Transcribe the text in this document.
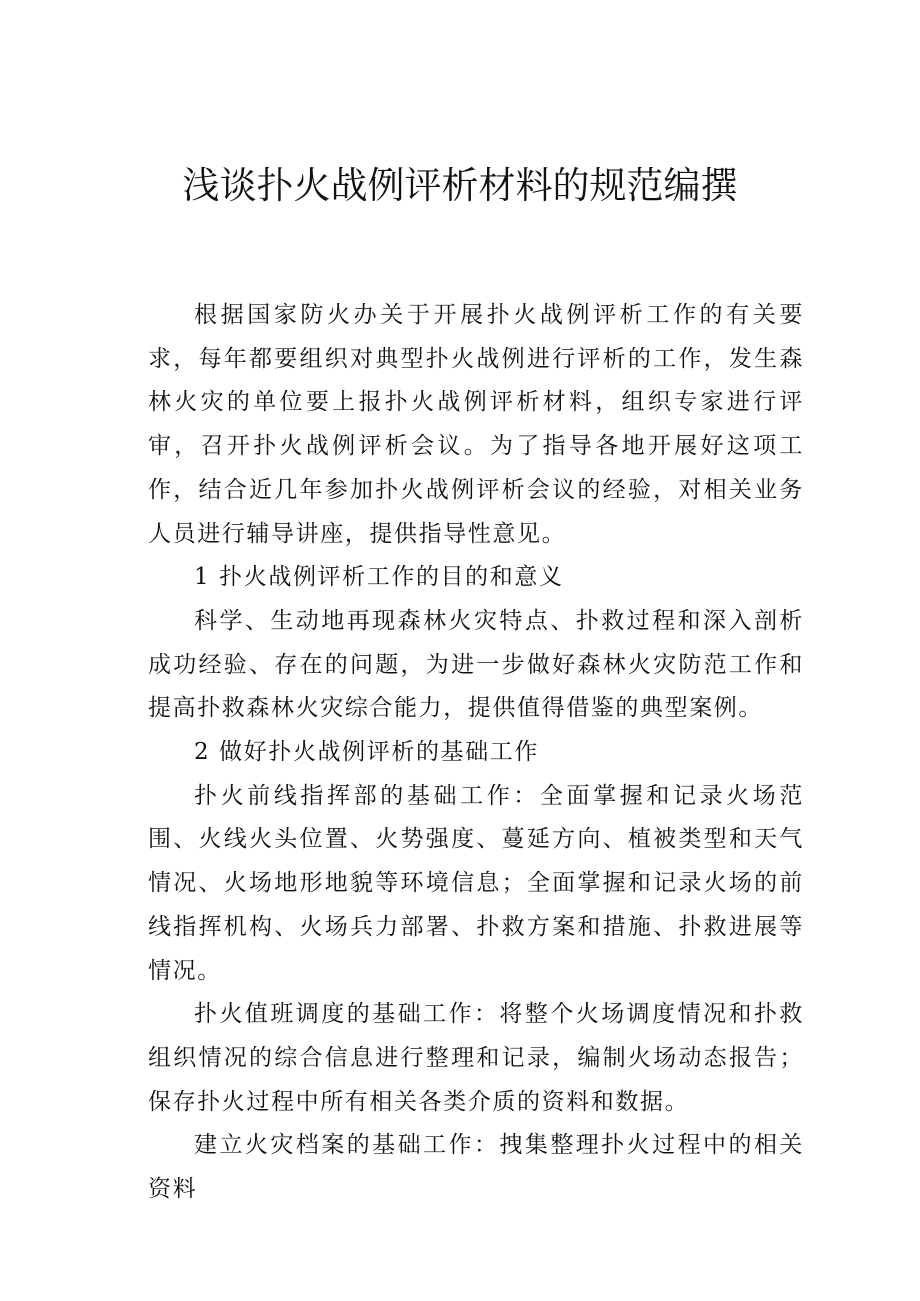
浅谈扑火战例评析材料的规范编撰

根据国家防火办关于开展扑火战例评析工作的有关要求，每年都要组织对典型扑火战例进行评析的工作，发生森林火灾的单位要上报扑火战例评析材料，组织专家进行评审，召开扑火战例评析会议。为了指导各地开展好这项工作，结合近几年参加扑火战例评析会议的经验，对相关业务人员进行辅导讲座，提供指导性意见。

1 扑火战例评析工作的目的和意义

科学、生动地再现森林火灾特点、扑救过程和深入剖析成功经验、存在的问题，为进一步做好森林火灾防范工作和提高扑救森林火灾综合能力，提供值得借鉴的典型案例。

2 做好扑火战例评析的基础工作

扑火前线指挥部的基础工作：全面掌握和记录火场范围、火线火头位置、火势强度、蔓延方向、植被类型和天气情况、火场地形地貌等环境信息；全面掌握和记录火场的前线指挥机构、火场兵力部署、扑救方案和措施、扑救进展等情况。

扑火值班调度的基础工作：将整个火场调度情况和扑救组织情况的综合信息进行整理和记录，编制火场动态报告；保存扑火过程中所有相关各类介质的资料和数据。

建立火灾档案的基础工作：拽集整理扑火过程中的相关资料
